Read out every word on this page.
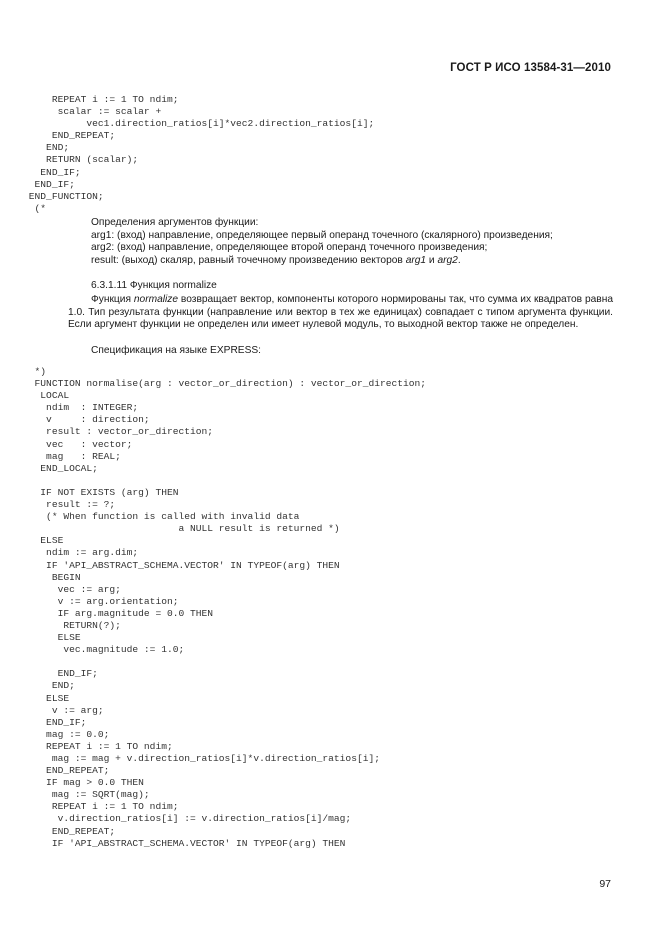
ГОСТ Р ИСО 13584-31—2010
REPEAT i := 1 TO ndim;
scalar := scalar +
vec1.direction_ratios[i]*vec2.direction_ratios[i];
END_REPEAT;
END;
RETURN (scalar);
END_IF;
END_IF;
END_FUNCTION;
(*

Определения аргументов функции:

arg1: (вход) направление, определяющее первый операнд точечного (скалярного) произведения;

arg2: (вход) направление, определяющее второй операнд точечного произведения;

result: (выход) скаляр, равный точечному произведению векторов arg1 и arg2.

6.3.1.11 Функция normalize

Функция normalize возвращает вектор, компоненты которого нормированы так, что сумма их квадратов равна 1.0. Тип результата функции (направление или вектор в тех же единицах) совпадает с типом аргумента функции. Если аргумент функции не определен или имеет нулевой модуль, то выходной вектор также не определен.

Спецификация на языке EXPRESS:

*)
FUNCTION normalise(arg : vector_or_direction) : vector_or_direction;
LOCAL
ndim  : INTEGER;
v     : direction;
result : vector_or_direction;
vec   : vector;
mag   : REAL;
END_LOCAL;
IF NOT EXISTS (arg) THEN
result := ?;
(* When function is called with invalid data
a NULL result is returned *)
ELSE
ndim := arg.dim;
IF 'API_ABSTRACT_SCHEMA.VECTOR' IN TYPEOF(arg) THEN
BEGIN
vec := arg;
v := arg.orientation;
IF arg.magnitude = 0.0 THEN
RETURN(?);
ELSE
vec.magnitude := 1.0;
END_IF;
END;
ELSE
v := arg;
END_IF;
mag := 0.0;
REPEAT i := 1 TO ndim;
mag := mag + v.direction_ratios[i]*v.direction_ratios[i];
END_REPEAT;
IF mag > 0.0 THEN
mag := SQRT(mag);
REPEAT i := 1 TO ndim;
v.direction_ratios[i] := v.direction_ratios[i]/mag;
END_REPEAT;
IF 'API_ABSTRACT_SCHEMA.VECTOR' IN TYPEOF(arg) THEN
97
